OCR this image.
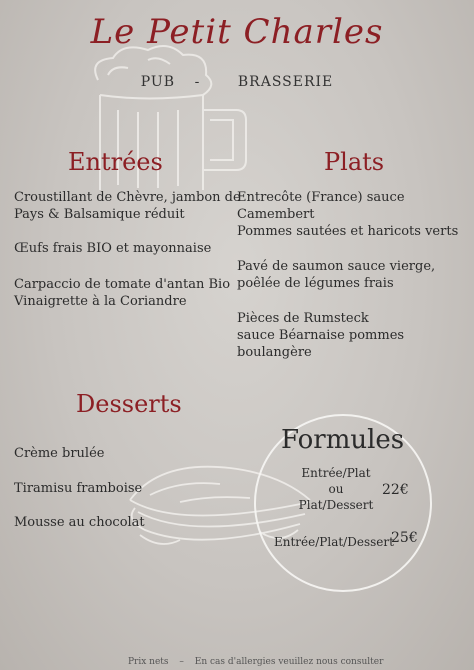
Le Petit Charles
PUB -	BRASSERIE
Entrées
Croustillant de Chèvre, jambon de
Pays & Balsamique réduit
Œufs frais BIO et mayonnaise
Carpaccio de tomate d'antan Bio
Vinaigrette à la Coriandre
Plats
Entrecôte (France) sauce
Camembert
Pommes sautées et haricots verts
Pavé de saumon sauce vierge,
poêlée de légumes frais
Pièces de Rumsteck
sauce Béarnaise pommes
boulangère
Desserts
Crème brulée
Tiramisu framboise
Mousse au chocolat
Formules
Entrée/Plat
ou
Plat/Dessert
22€
Entrée/Plat/Dessert
25€
Prix nets – En cas d'allergies veuillez nous consulter
